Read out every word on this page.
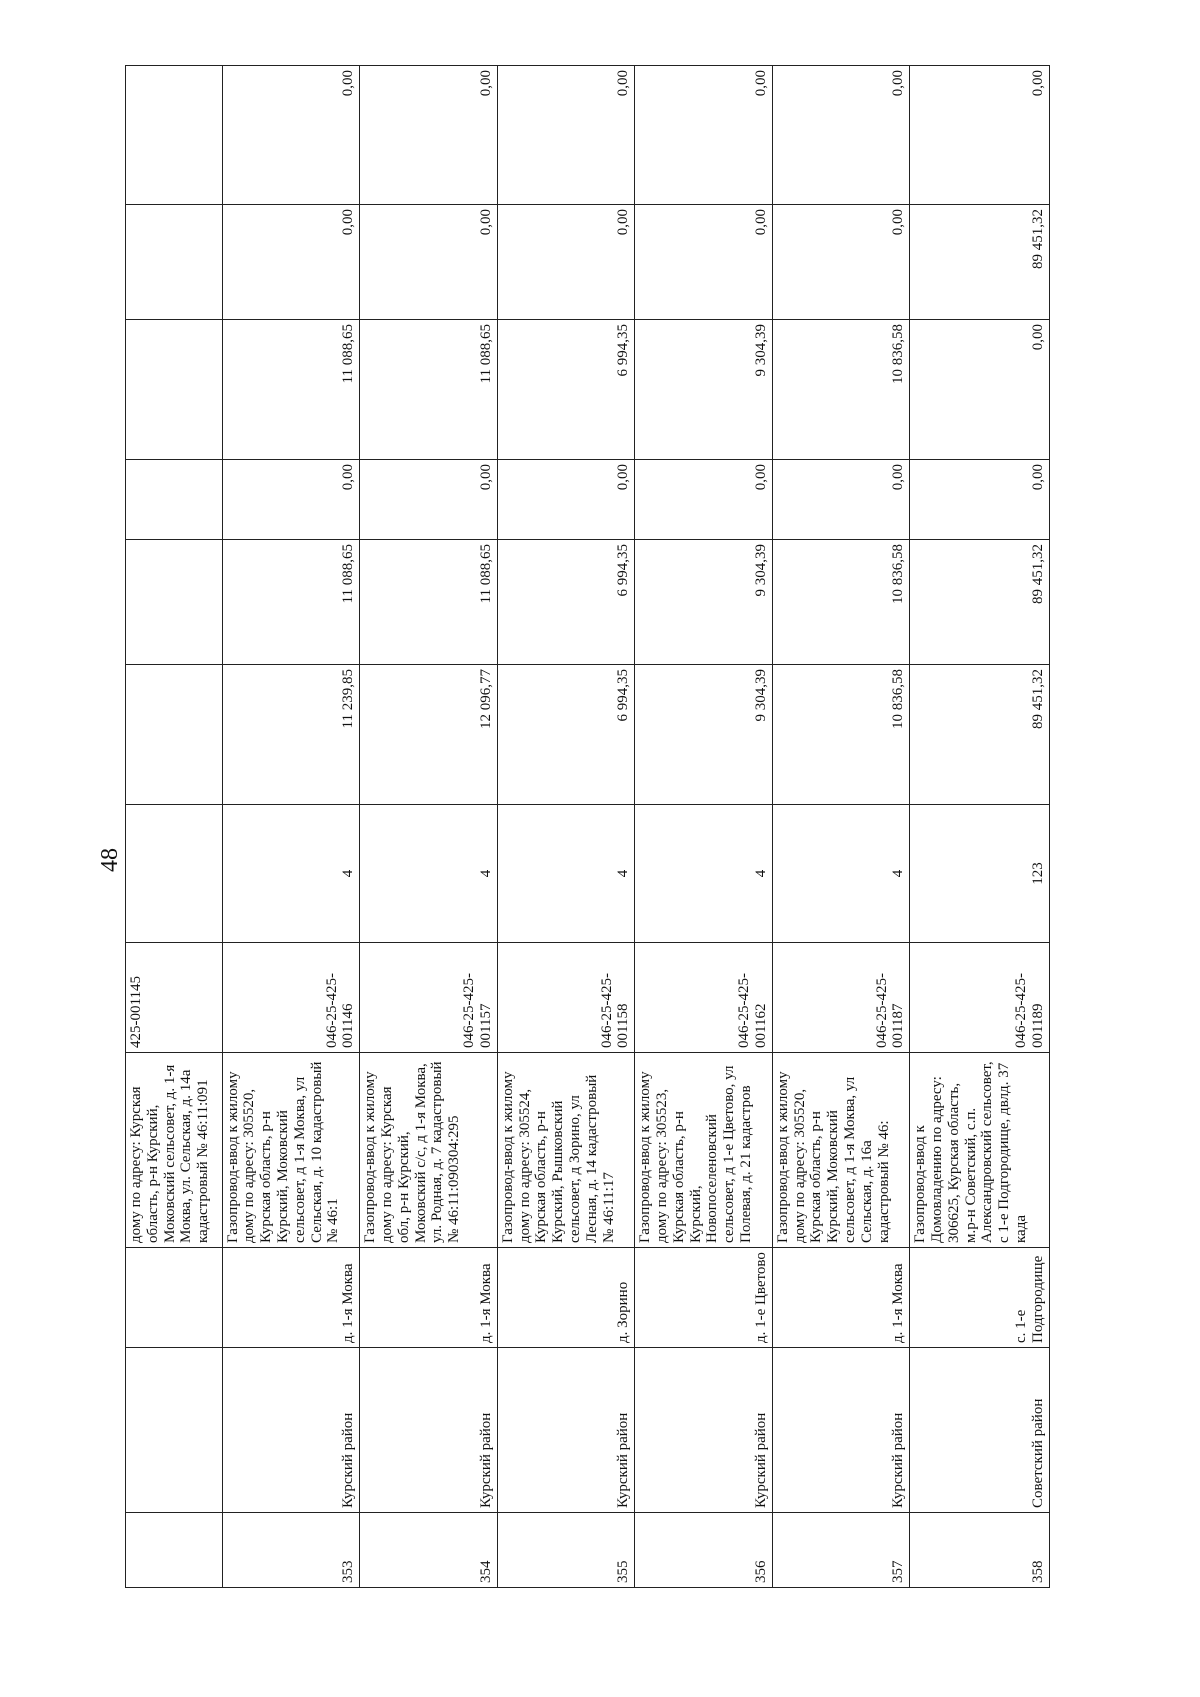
48
			дому по адресу: Курская область, р-н Курский, Моковский сельсовет, д. 1-я Моква, ул. Сельская, д. 14а кадастровый № 46:11:091	425-001145							
353	Курский район	д. 1-я Моква	Газопровод-ввод к жилому дому по адресу: 305520, Курская область, р-н Курский, Моковский сельсовет, д 1-я Моква, ул Сельская, д. 10 кадастровый № 46:1	046-25-425-001146	4	11 239,85	11 088,65	0,00	11 088,65	0,00	0,00
354	Курский район	д. 1-я Моква	Газопровод-ввод к жилому дому по адресу: Курская обл, р-н Курский, Моковский с/с, д 1-я Моква, ул. Родная, д. 7 кадастровый № 46:11:090304:295	046-25-425-001157	4	12 096,77	11 088,65	0,00	11 088,65	0,00	0,00
355	Курский район	д. Зорино	Газопровод-ввод к жилому дому по адресу: 305524, Курская область, р-н Курский, Рышковский сельсовет, д Зорино, ул Лесная, д. 14 кадастровый № 46:11:17	046-25-425-001158	4	6 994,35	6 994,35	0,00	6 994,35	0,00	0,00
356	Курский район	д. 1-е Цветово	Газопровод-ввод к жилому дому по адресу: 305523, Курская область, р-н Курский, Новопоселеновский сельсовет, д 1-е Цветово, ул Полевая, д. 21 кадастров	046-25-425-001162	4	9 304,39	9 304,39	0,00	9 304,39	0,00	0,00
357	Курский район	д. 1-я Моква	Газопровод-ввод к жилому дому по адресу: 305520, Курская область, р-н Курский, Моковский сельсовет, д 1-я Моква, ул Сельская, д. 16а кадастровый № 46:	046-25-425-001187	4	10 836,58	10 836,58	0,00	10 836,58	0,00	0,00
358	Советский район	с. 1-е Подгородище	Газопровод-ввод к Домовладению по адресу: 306625, Курская область, м.р-н Советский, с.п. Александровский сельсовет, с 1-е Подгородище, двлд. 37 када	046-25-425-001189	123	89 451,32	89 451,32	0,00	0,00	89 451,32	0,00
